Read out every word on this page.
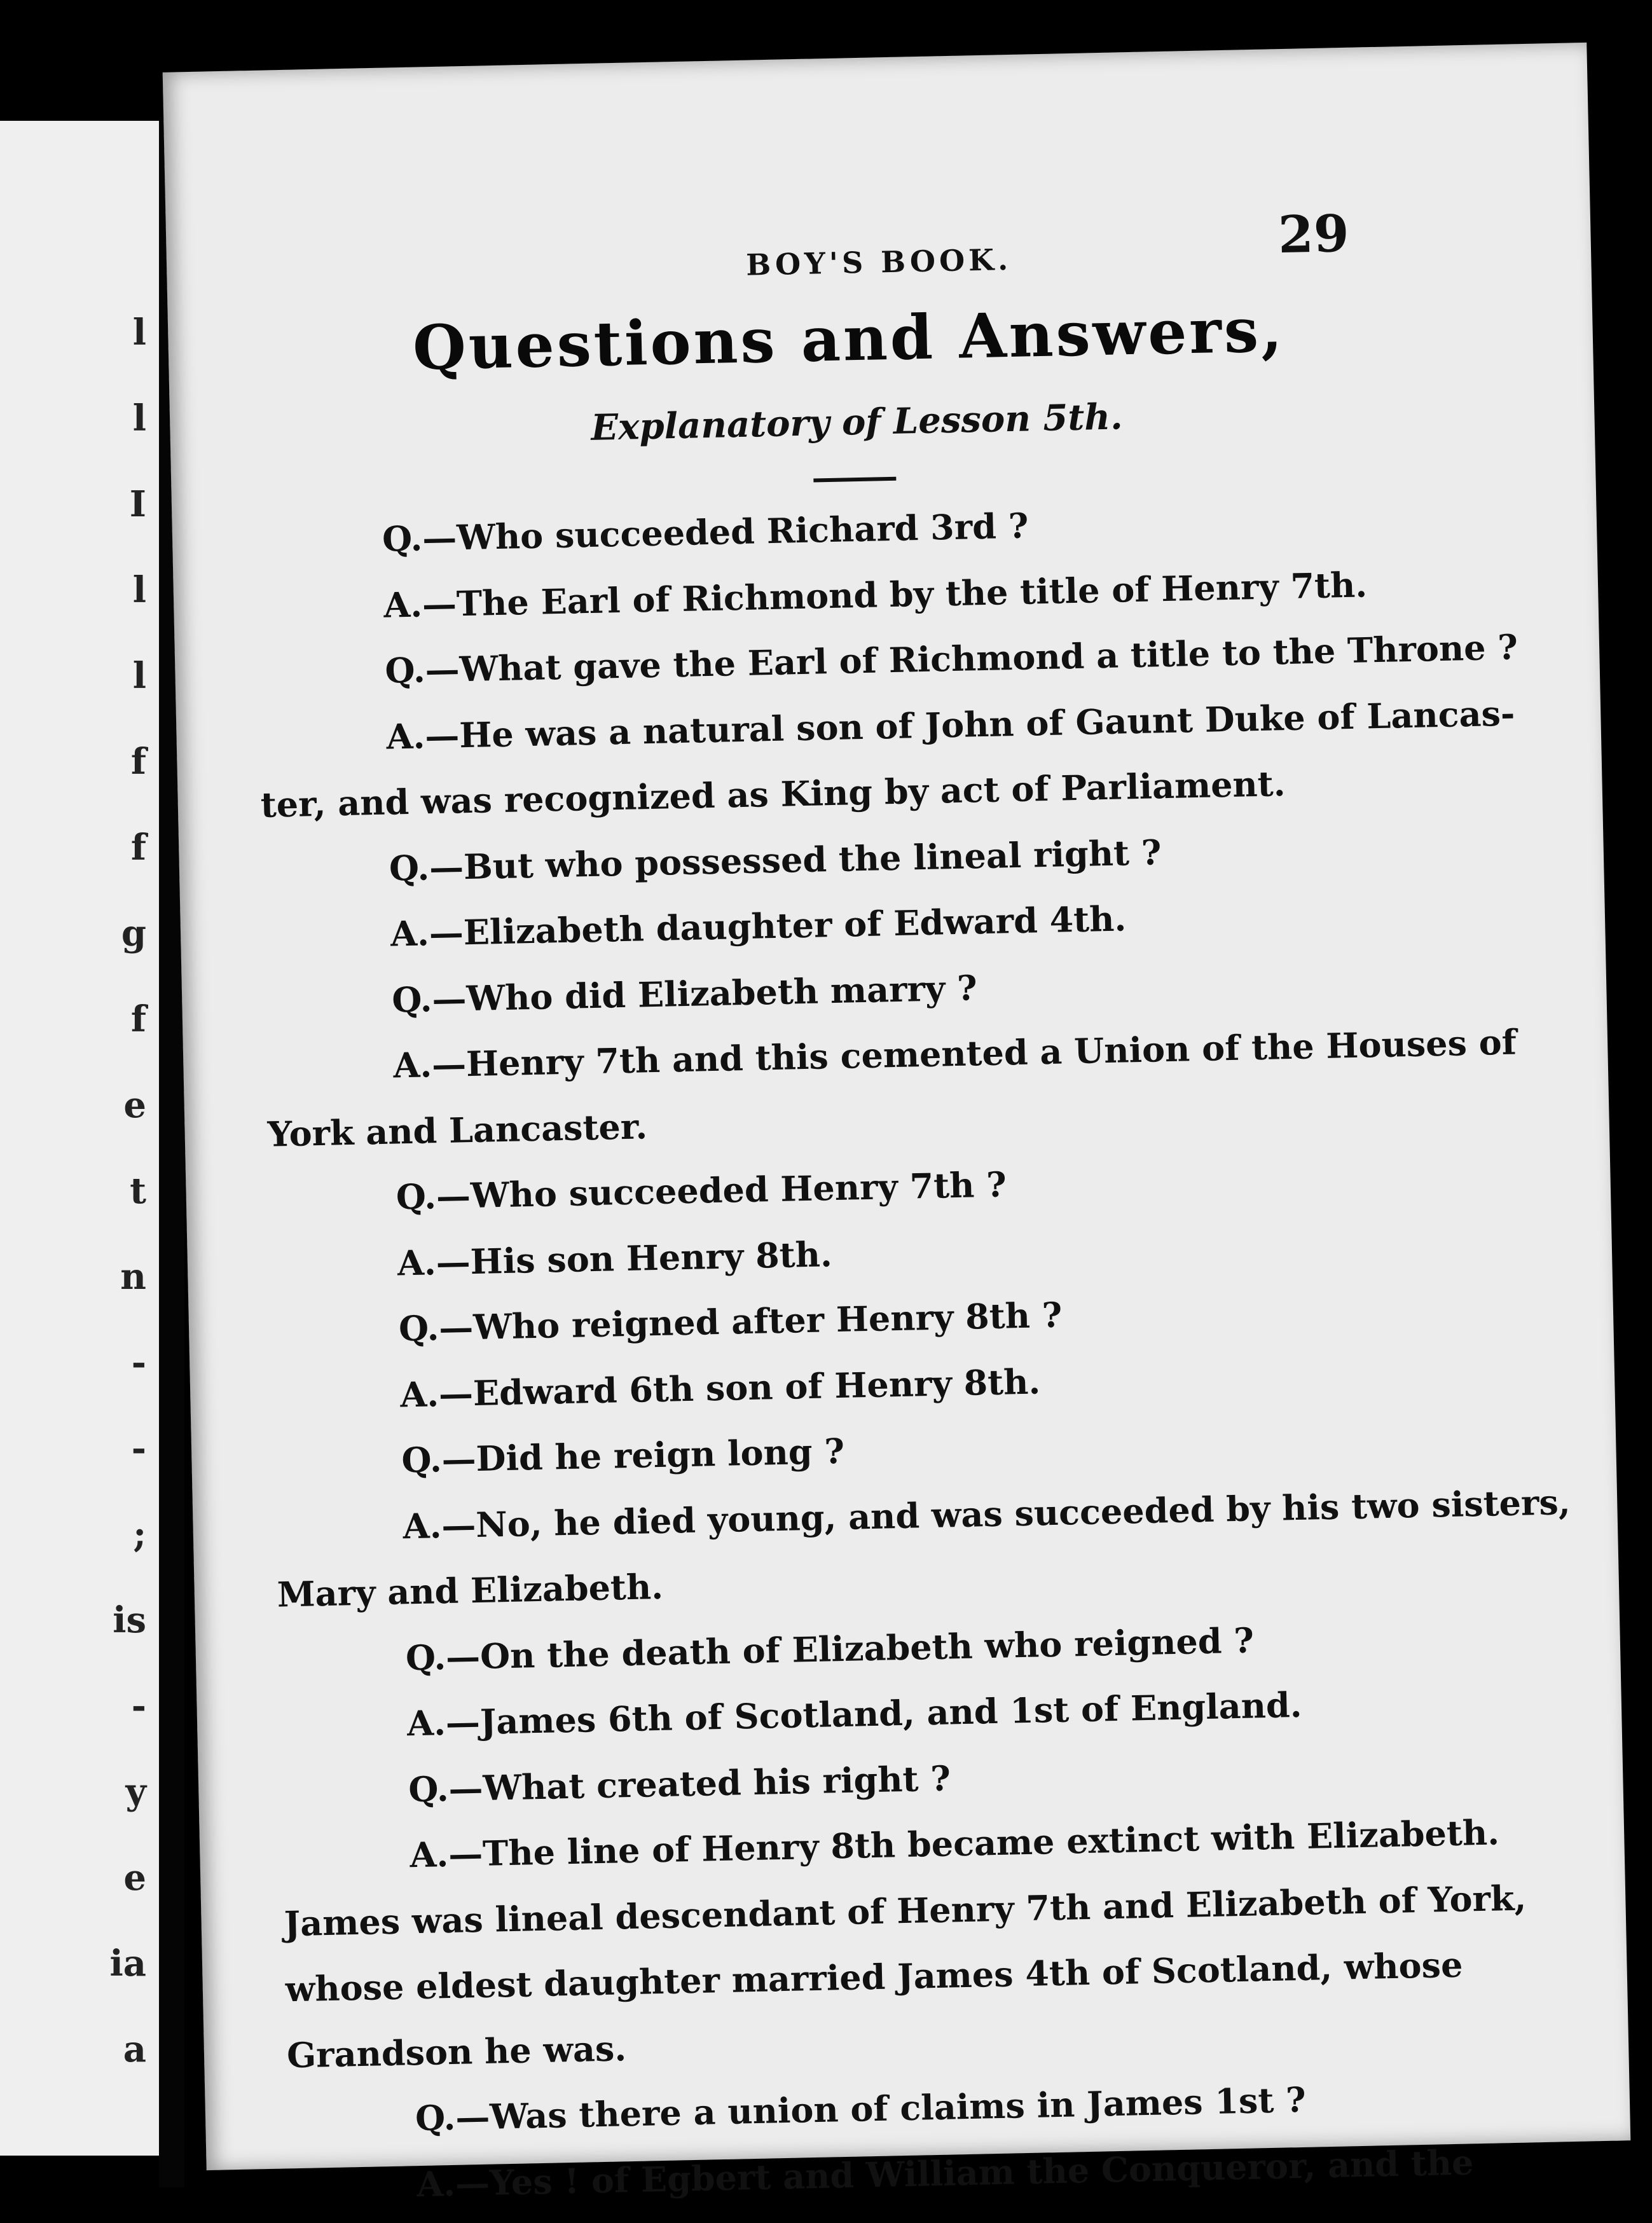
l
l
I
l
l
f
f
g
f
e
t
n
-
-
;
is
-
y
e
ia
a
BOY'S BOOK.	29
Questions and Answers,
Explanatory of Lesson 5th.
Q.—Who succeeded Richard 3rd ?
A.—The Earl of Richmond by the title of Henry 7th.
Q.—What gave the Earl of Richmond a title to the Throne ?
A.—He was a natural son of John of Gaunt Duke of Lancas-
ter, and was recognized as King by act of Parliament.
Q.—But who possessed the lineal right ?
A.—Elizabeth daughter of Edward 4th.
Q.—Who did Elizabeth marry ?
A.—Henry 7th and this cemented a Union of the Houses of
York and Lancaster.
Q.—Who succeeded Henry 7th ?
A.—His son Henry 8th.
Q.—Who reigned after Henry 8th ?
A.—Edward 6th son of Henry 8th.
Q.—Did he reign long ?
A.—No, he died young, and was succeeded by his two sisters,
Mary and Elizabeth.
Q.—On the death of Elizabeth who reigned ?
A.—James 6th of Scotland, and 1st of England.
Q.—What created his right ?
A.—The line of Henry 8th became extinct with Elizabeth.
James was lineal descendant of Henry 7th and Elizabeth of York,
whose eldest daughter married James 4th of Scotland, whose
Grandson he was.
Q.—Was there a union of claims in James 1st ?
A.—Yes ! of Egbert and William the Conqueror, and the
